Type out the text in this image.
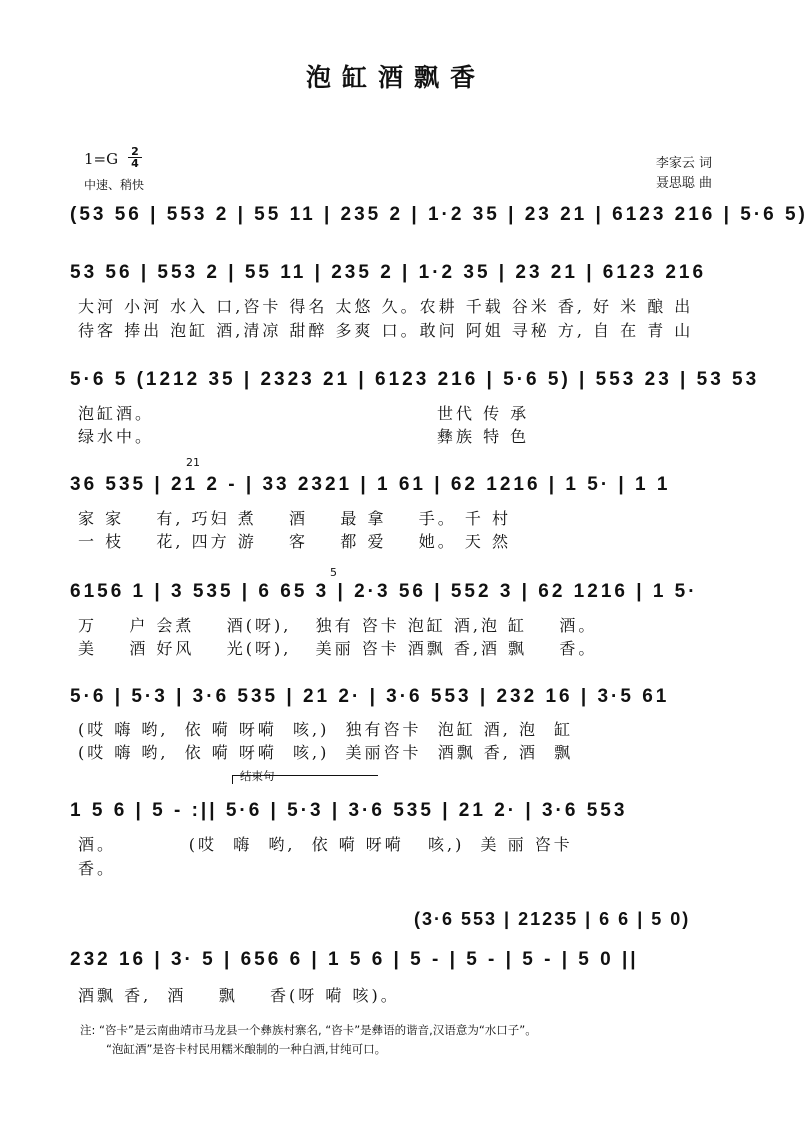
泡缸酒飘香
$1=G \frac{2}{4}$
中速、稍快
李家云 词
聂思聪 曲
(53 56 | 553 2 | 55 11 | 235 2 | 1·2 35 | 23 21 | 6123 216 | 5·6 5)
53 56 | 553 2 | 55 11 | 235 2 | 1·2 35 | 23 21 | 6123 216
大河 小河 水入 口,咨卡 得名 太悠 久。农耕 千载 谷米 香, 好 米 酿 出
待客 捧出 泡缸 酒,清凉 甜醉 多爽 口。敢问 阿姐 寻秘 方, 自 在 青 山
5·6 5 (1212 35 | 2323 21 | 6123 216 | 5·6 5) | 553 23 | 53 53
泡缸酒。                                   世代 传 承
绿水中。                                   彝族 特 色
21
36 535 | 21 2 - | 33 2321 | 1 61 | 62 1216 | 1 5· | 1 1
家 家    有, 巧妇 煮    酒    最 拿    手。 千 村
一 枝    花, 四方 游    客    都 爱    她。 天 然
5
6156 1 | 3 535 | 6 65 3 | 2·3 56 | 552 3 | 62 1216 | 1 5·
万    户 会煮    酒(呀),   独有 咨卡 泡缸 酒,泡 缸    酒。
美    酒 好风    光(呀),   美丽 咨卡 酒飘 香,酒 飘    香。
5·6 | 5·3 | 3·6 535 | 21 2· | 3·6 553 | 232 16 | 3·5 61
(哎 嗨 哟,  依 嗬 呀嗬  咳,)  独有咨卡  泡缸 酒, 泡  缸
(哎 嗨 哟,  依 嗬 呀嗬  咳,)  美丽咨卡  酒飘 香, 酒  飘
结束句
1 5 6 | 5 - :|| 5·6 | 5·3 | 3·6 535 | 21 2· | 3·6 553
酒。         (哎  嗨  哟,  依 嗬 呀嗬   咳,)  美 丽 咨卡
香。
(3·6 553 | 21235 | 6 6 | 5 0)
232 16 | 3· 5 | 656 6 | 1 5 6 | 5 - | 5 - | 5 - | 5 0 ||
酒飘 香,  酒    飘    香(呀 嗬 咳)。
注: “咨卡”是云南曲靖市马龙县一个彝族村寨名, “咨卡”是彝语的谐音,汉语意为“水口子”。
“泡缸酒”是咨卡村民用糯米酿制的一种白酒,甘纯可口。
